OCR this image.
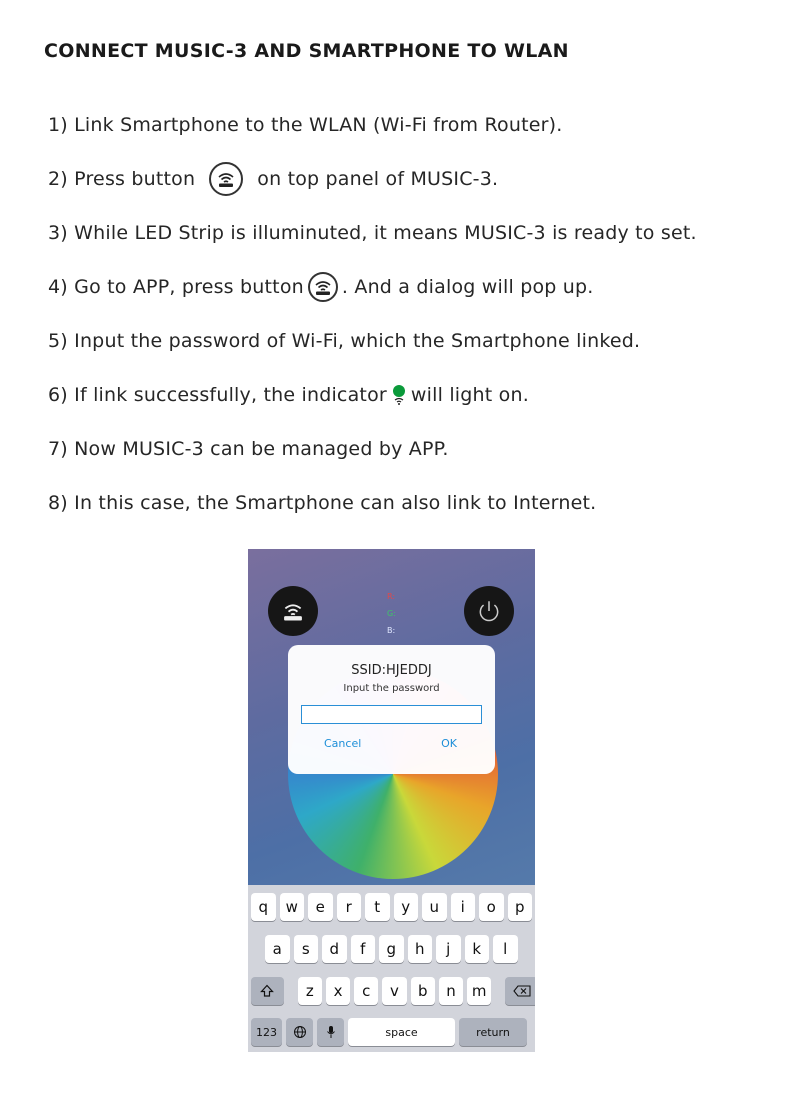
CONNECT MUSIC-3 AND SMARTPHONE TO WLAN
1) Link Smartphone to the WLAN (Wi-Fi from Router).
2) Press button	on top panel of MUSIC-3.
3) While LED Strip is illuminuted, it means MUSIC-3 is ready to set.
4) Go to APP, press button . And a dialog will pop up.
5) Input the password of Wi-Fi, which the Smartphone linked.
6) If link successfully, the indicator will light on.
7) Now MUSIC-3 can be managed by APP.
8) In this case, the Smartphone can also link to Internet.
R:
G:
B:
SSID:HJEDDJ
Input the password
Cancel	OK
q	w	e	r	t	y	u	i	o	p
a	s	d	f	g	h	j	k	l
z	x	c	v	b	n	m
123	space	return
